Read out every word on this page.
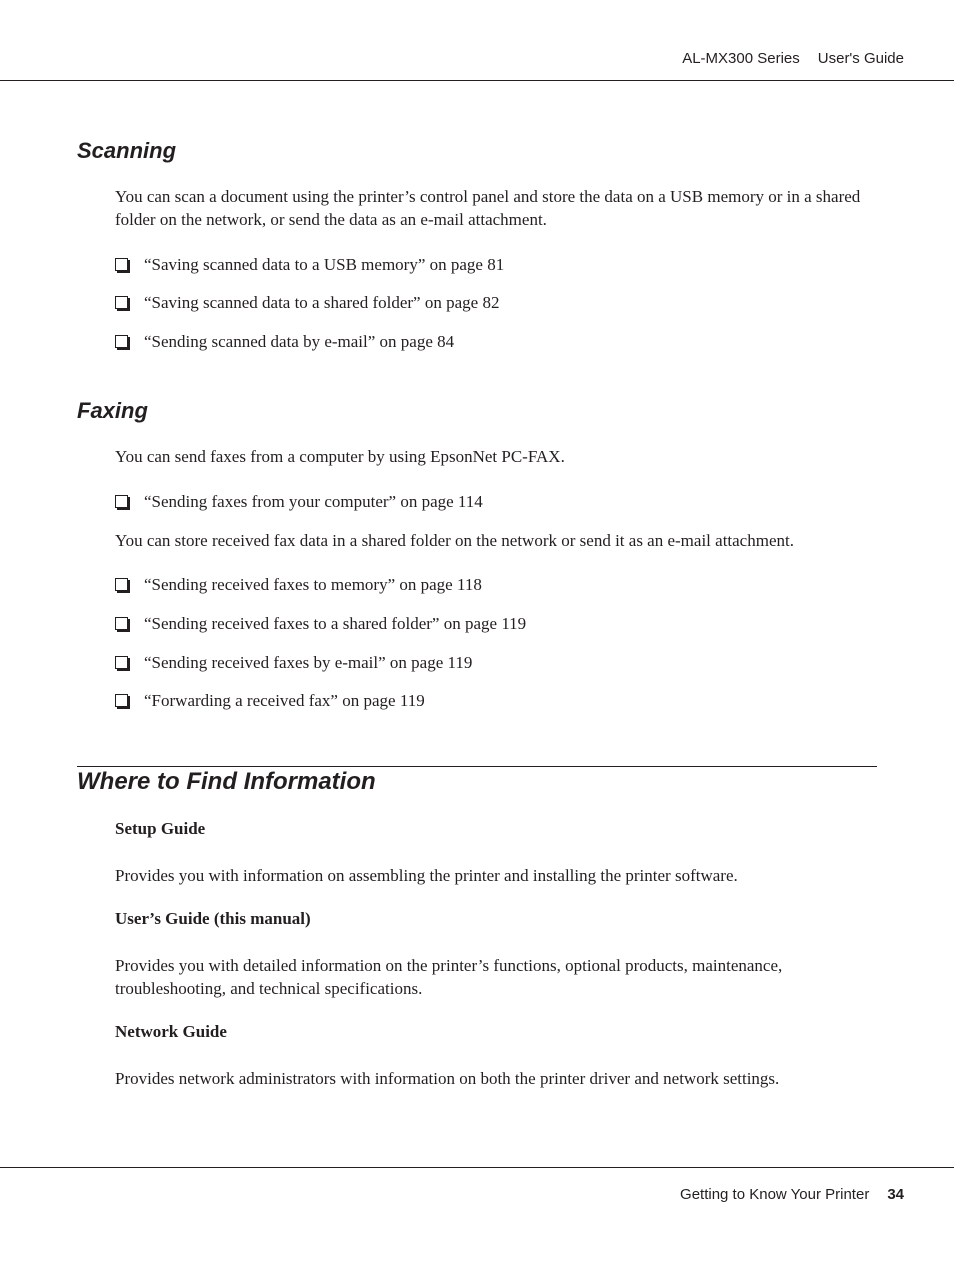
AL-MX300 Series User's Guide
Scanning

You can scan a document using the printer’s control panel and store the data on a USB memory or in a shared folder on the network, or send the data as an e-mail attachment.

“Saving scanned data to a USB memory” on page 81
“Saving scanned data to a shared folder” on page 82
“Sending scanned data by e-mail” on page 84
Faxing

You can send faxes from a computer by using EpsonNet PC-FAX.

“Sending faxes from your computer” on page 114

You can store received fax data in a shared folder on the network or send it as an e-mail attachment.

“Sending received faxes to memory” on page 118
“Sending received faxes to a shared folder” on page 119
“Sending received faxes by e-mail” on page 119
“Forwarding a received fax” on page 119
Where to Find Information
Setup Guide

Provides you with information on assembling the printer and installing the printer software.

User’s Guide (this manual)

Provides you with detailed information on the printer’s functions, optional products, maintenance, troubleshooting, and technical specifications.

Network Guide

Provides network administrators with information on both the printer driver and network settings.

Getting to Know Your Printer 34
